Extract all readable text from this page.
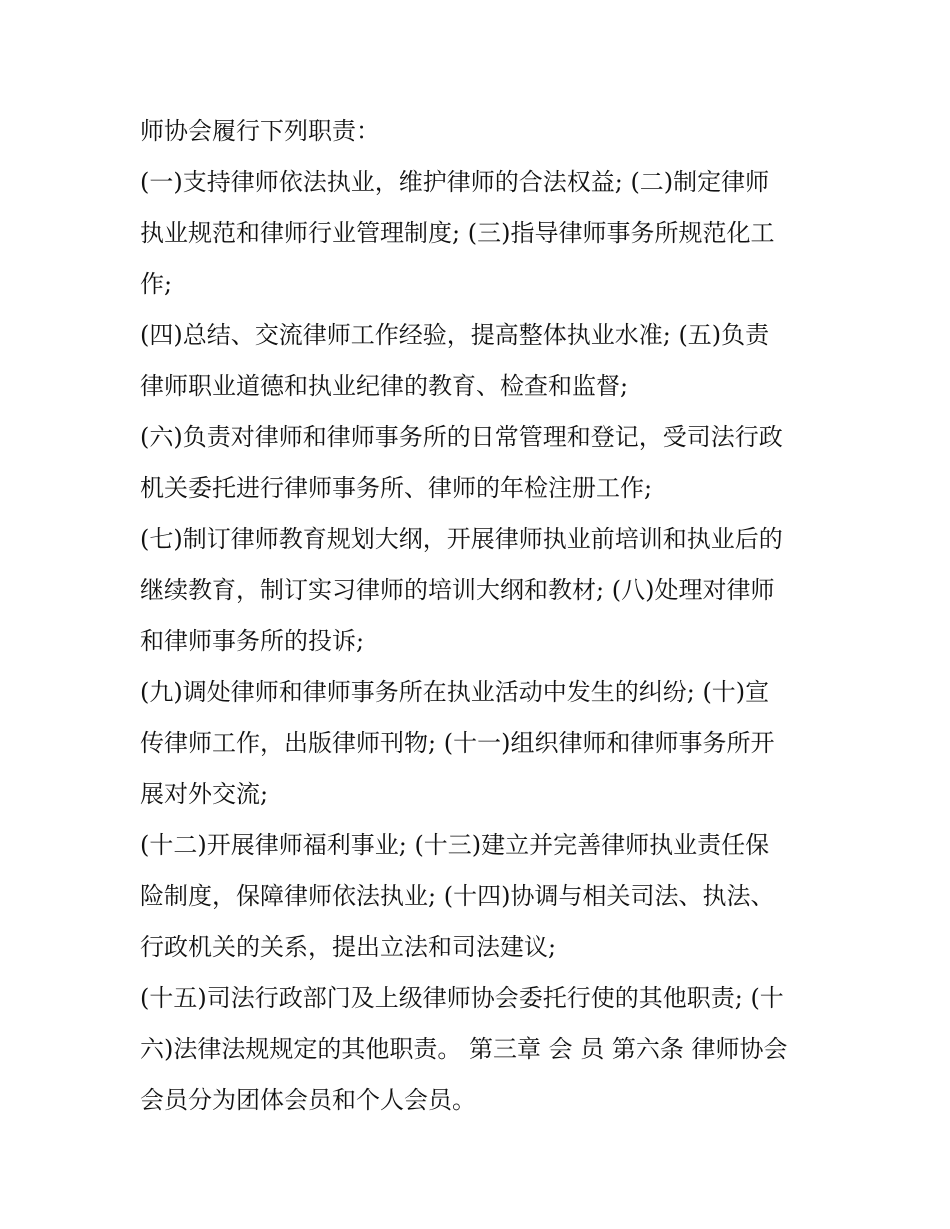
师协会履行下列职责：
(一)支持律师依法执业，维护律师的合法权益; (二)制定律师
执业规范和律师行业管理制度; (三)指导律师事务所规范化工
作;
(四)总结、交流律师工作经验，提高整体执业水准; (五)负责
律师职业道德和执业纪律的教育、检查和监督;
(六)负责对律师和律师事务所的日常管理和登记，受司法行政
机关委托进行律师事务所、律师的年检注册工作;
(七)制订律师教育规划大纲，开展律师执业前培训和执业后的
继续教育，制订实习律师的培训大纲和教材; (八)处理对律师
和律师事务所的投诉;
(九)调处律师和律师事务所在执业活动中发生的纠纷; (十)宣
传律师工作，出版律师刊物; (十一)组织律师和律师事务所开
展对外交流;
(十二)开展律师福利事业; (十三)建立并完善律师执业责任保
险制度，保障律师依法执业; (十四)协调与相关司法、执法、
行政机关的关系，提出立法和司法建议;
(十五)司法行政部门及上级律师协会委托行使的其他职责; (十
六)法律法规规定的其他职责。 第三章 会 员 第六条 律师协会
会员分为团体会员和个人会员。
